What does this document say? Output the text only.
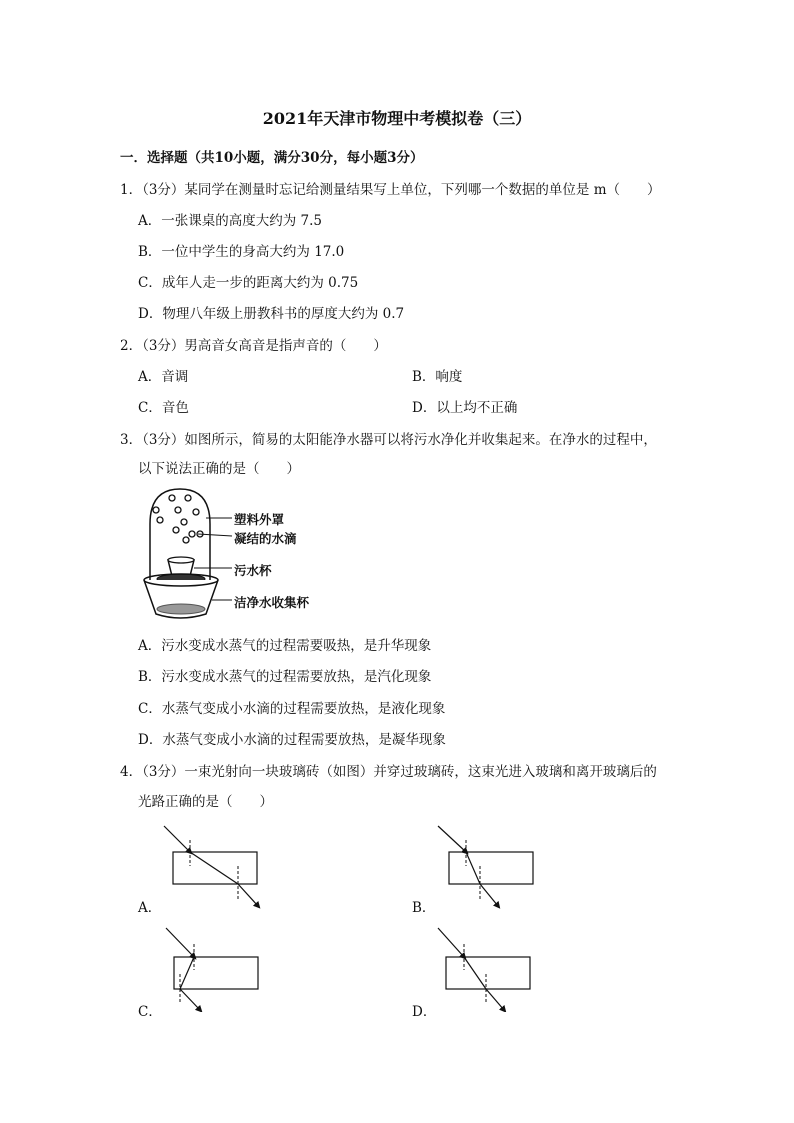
2021年天津市物理中考模拟卷（三）
一．选择题（共10小题，满分30分，每小题3分）
1．（3分）某同学在测量时忘记给测量结果写上单位，下列哪一个数据的单位是 m（　　）
A．一张课桌的高度大约为 7.5
B．一位中学生的身高大约为 17.0
C．成年人走一步的距离大约为 0.75
D．物理八年级上册教科书的厚度大约为 0.7
2．（3分）男高音女高音是指声音的（　　）
A．音调	B．响度
C．音色	D．以上均不正确
3．（3分）如图所示，简易的太阳能净水器可以将污水净化并收集起来。在净水的过程中，
以下说法正确的是（　　）
塑料外罩
凝结的水滴
污水杯
洁净水收集杯
A．污水变成水蒸气的过程需要吸热，是升华现象
B．污水变成水蒸气的过程需要放热，是汽化现象
C．水蒸气变成小水滴的过程需要放热，是液化现象
D．水蒸气变成小水滴的过程需要放热，是凝华现象
4．（3分）一束光射向一块玻璃砖（如图）并穿过玻璃砖，这束光进入玻璃和离开玻璃后的
光路正确的是（　　）
A．	B．
C．	D．
